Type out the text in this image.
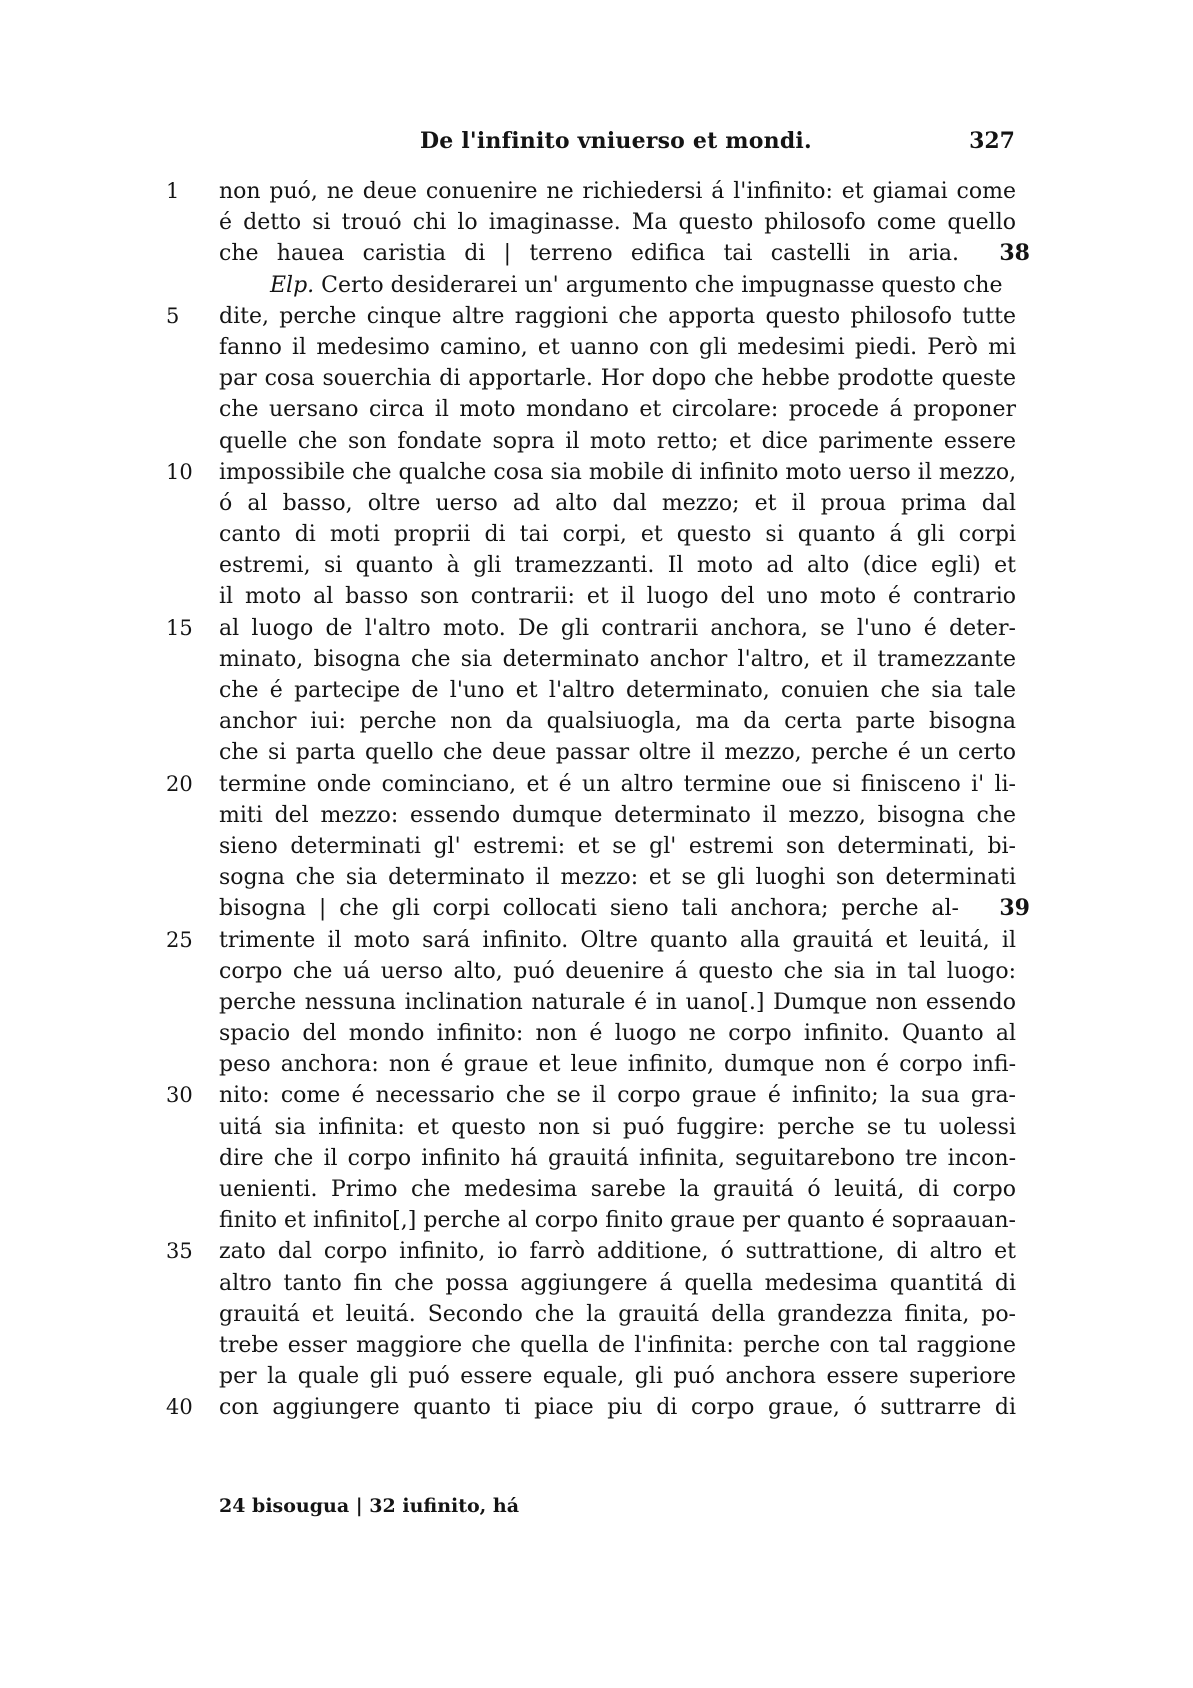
De l'infinito vniuerso et mondi.	327
1	non puó, ne deue conuenire ne richiedersi á l'infinito: et giamai come
é detto si trouó chi lo imaginasse. Ma questo philosofo come quello
che hauea caristia di | terreno edifica tai castelli in aria.	38
Elp. Certo desiderarei un' argumento che impugnasse questo che
5	dite, perche cinque altre raggioni che apporta questo philosofo tutte
fanno il medesimo camino, et uanno con gli medesimi piedi. Però mi
par cosa souerchia di apportarle. Hor dopo che hebbe prodotte queste
che uersano circa il moto mondano et circolare: procede á proponer
quelle che son fondate sopra il moto retto; et dice parimente essere
10	impossibile che qualche cosa sia mobile di infinito moto uerso il mezzo,
ó al basso, oltre uerso ad alto dal mezzo; et il proua prima dal
canto di moti proprii di tai corpi, et questo si quanto á gli corpi
estremi, si quanto à gli tramezzanti. Il moto ad alto (dice egli) et
il moto al basso son contrarii: et il luogo del uno moto é contrario
15	al luogo de l'altro moto. De gli contrarii anchora, se l'uno é deter-
minato, bisogna che sia determinato anchor l'altro, et il tramezzante
che é partecipe de l'uno et l'altro determinato, conuien che sia tale
anchor iui: perche non da qualsiuogla, ma da certa parte bisogna
che si parta quello che deue passar oltre il mezzo, perche é un certo
20	termine onde cominciano, et é un altro termine oue si finisceno i' li-
miti del mezzo: essendo dumque determinato il mezzo, bisogna che
sieno determinati gl' estremi: et se gl' estremi son determinati, bi-
sogna che sia determinato il mezzo: et se gli luoghi son determinati
bisogna | che gli corpi collocati sieno tali anchora; perche al-	39
25	trimente il moto sará infinito. Oltre quanto alla grauitá et leuitá, il
corpo che uá uerso alto, puó deuenire á questo che sia in tal luogo:
perche nessuna inclination naturale é in uano[.] Dumque non essendo
spacio del mondo infinito: non é luogo ne corpo infinito. Quanto al
peso anchora: non é graue et leue infinito, dumque non é corpo infi-
30	nito: come é necessario che se il corpo graue é infinito; la sua gra-
uitá sia infinita: et questo non si puó fuggire: perche se tu uolessi
dire che il corpo infinito há grauitá infinita, seguitarebono tre incon-
uenienti. Primo che medesima sarebe la grauitá ó leuitá, di corpo
finito et infinito[,] perche al corpo finito graue per quanto é sopraauan-
35	zato dal corpo infinito, io farrò additione, ó suttrattione, di altro et
altro tanto fin che possa aggiungere á quella medesima quantitá di
grauitá et leuitá. Secondo che la grauitá della grandezza finita, po-
trebe esser maggiore che quella de l'infinita: perche con tal raggione
per la quale gli puó essere equale, gli puó anchora essere superiore
40	con aggiungere quanto ti piace piu di corpo graue, ó suttrarre di
24 bisougua | 32 iufinito, há
